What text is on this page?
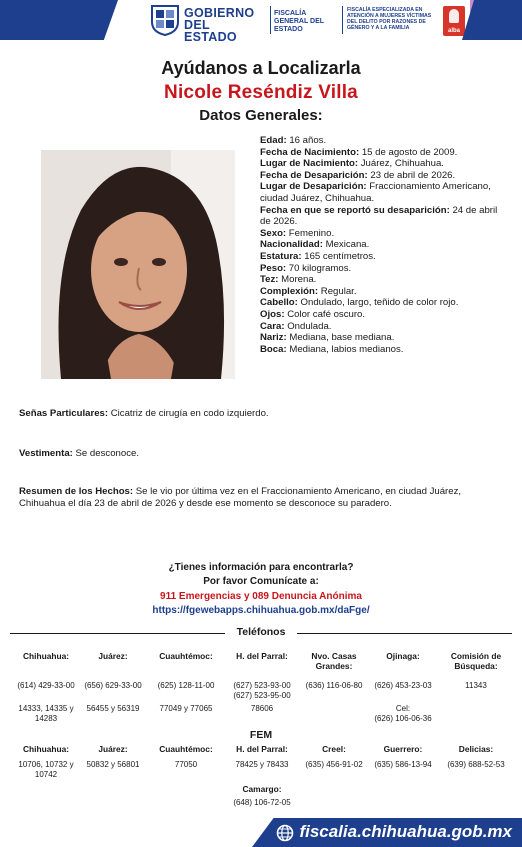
GOBIERNO
DEL ESTADO
FISCALÍA GENERAL DEL ESTADO
FISCALÍA ESPECIALIZADA EN ATENCIÓN A MUJERES VÍCTIMAS DEL DELITO POR RAZONES DE GÉNERO Y A LA FAMILIA	alba
Ayúdanos a Localizarla
Nicole Reséndiz Villa
Datos Generales:
Edad: 16 años.
Fecha de Nacimiento: 15 de agosto de 2009.
Lugar de Nacimiento: Juárez, Chihuahua.
Fecha de Desaparición: 23 de abril de 2026.
Lugar de Desaparición: Fraccionamiento Americano, ciudad Juárez, Chihuahua.
Fecha en que se reportó su desaparición: 24 de abril de 2026.
Sexo: Femenino.
Nacionalidad: Mexicana.
Estatura: 165 centímetros.
Peso: 70 kilogramos.
Tez: Morena.
Complexión: Regular.
Cabello: Ondulado, largo, teñido de color rojo.
Ojos: Color café oscuro.
Cara: Ondulada.
Nariz: Mediana, base mediana.
Boca: Mediana, labios medianos.
Señas Particulares: Cicatriz de cirugía en codo izquierdo.
Vestimenta: Se desconoce.
Resumen de los Hechos: Se le vio por última vez en el Fraccionamiento Americano, en ciudad Juárez, Chihuahua el día 23 de abril de 2026 y desde ese momento se desconoce su paradero.
¿Tienes información para encontrarla?
Por favor Comunícate a:
911 Emergencias y 089 Denuncia Anónima
https://fgewebapps.chihuahua.gob.mx/daFge/
Teléfonos
Chihuahua:
(614) 429-33-00
14333, 14335 y 14283
Juárez:
(656) 629-33-00
56455 y 56319
Cuauhtémoc:
(625) 128-11-00
77049 y 77065
H. del Parral:
(627) 523-93-00
(627) 523-95-00
78606
Nvo. Casas Grandes:
(636) 116-06-80
Ojinaga:
(626) 453-23-03
Cel:
(626) 106-06-36
Comisión de Búsqueda:
11343
FEM
Chihuahua:
10706, 10732 y 10742
Juárez:
50832 y 56801
Cuauhtémoc:
77050
H. del Parral:
78425 y 78433
Creel:
(635) 456-91-02
Guerrero:
(635) 586-13-94
Delicias:
(639) 688-52-53
Camargo:
(648) 106-72-05
fiscalia.chihuahua.gob.mx
